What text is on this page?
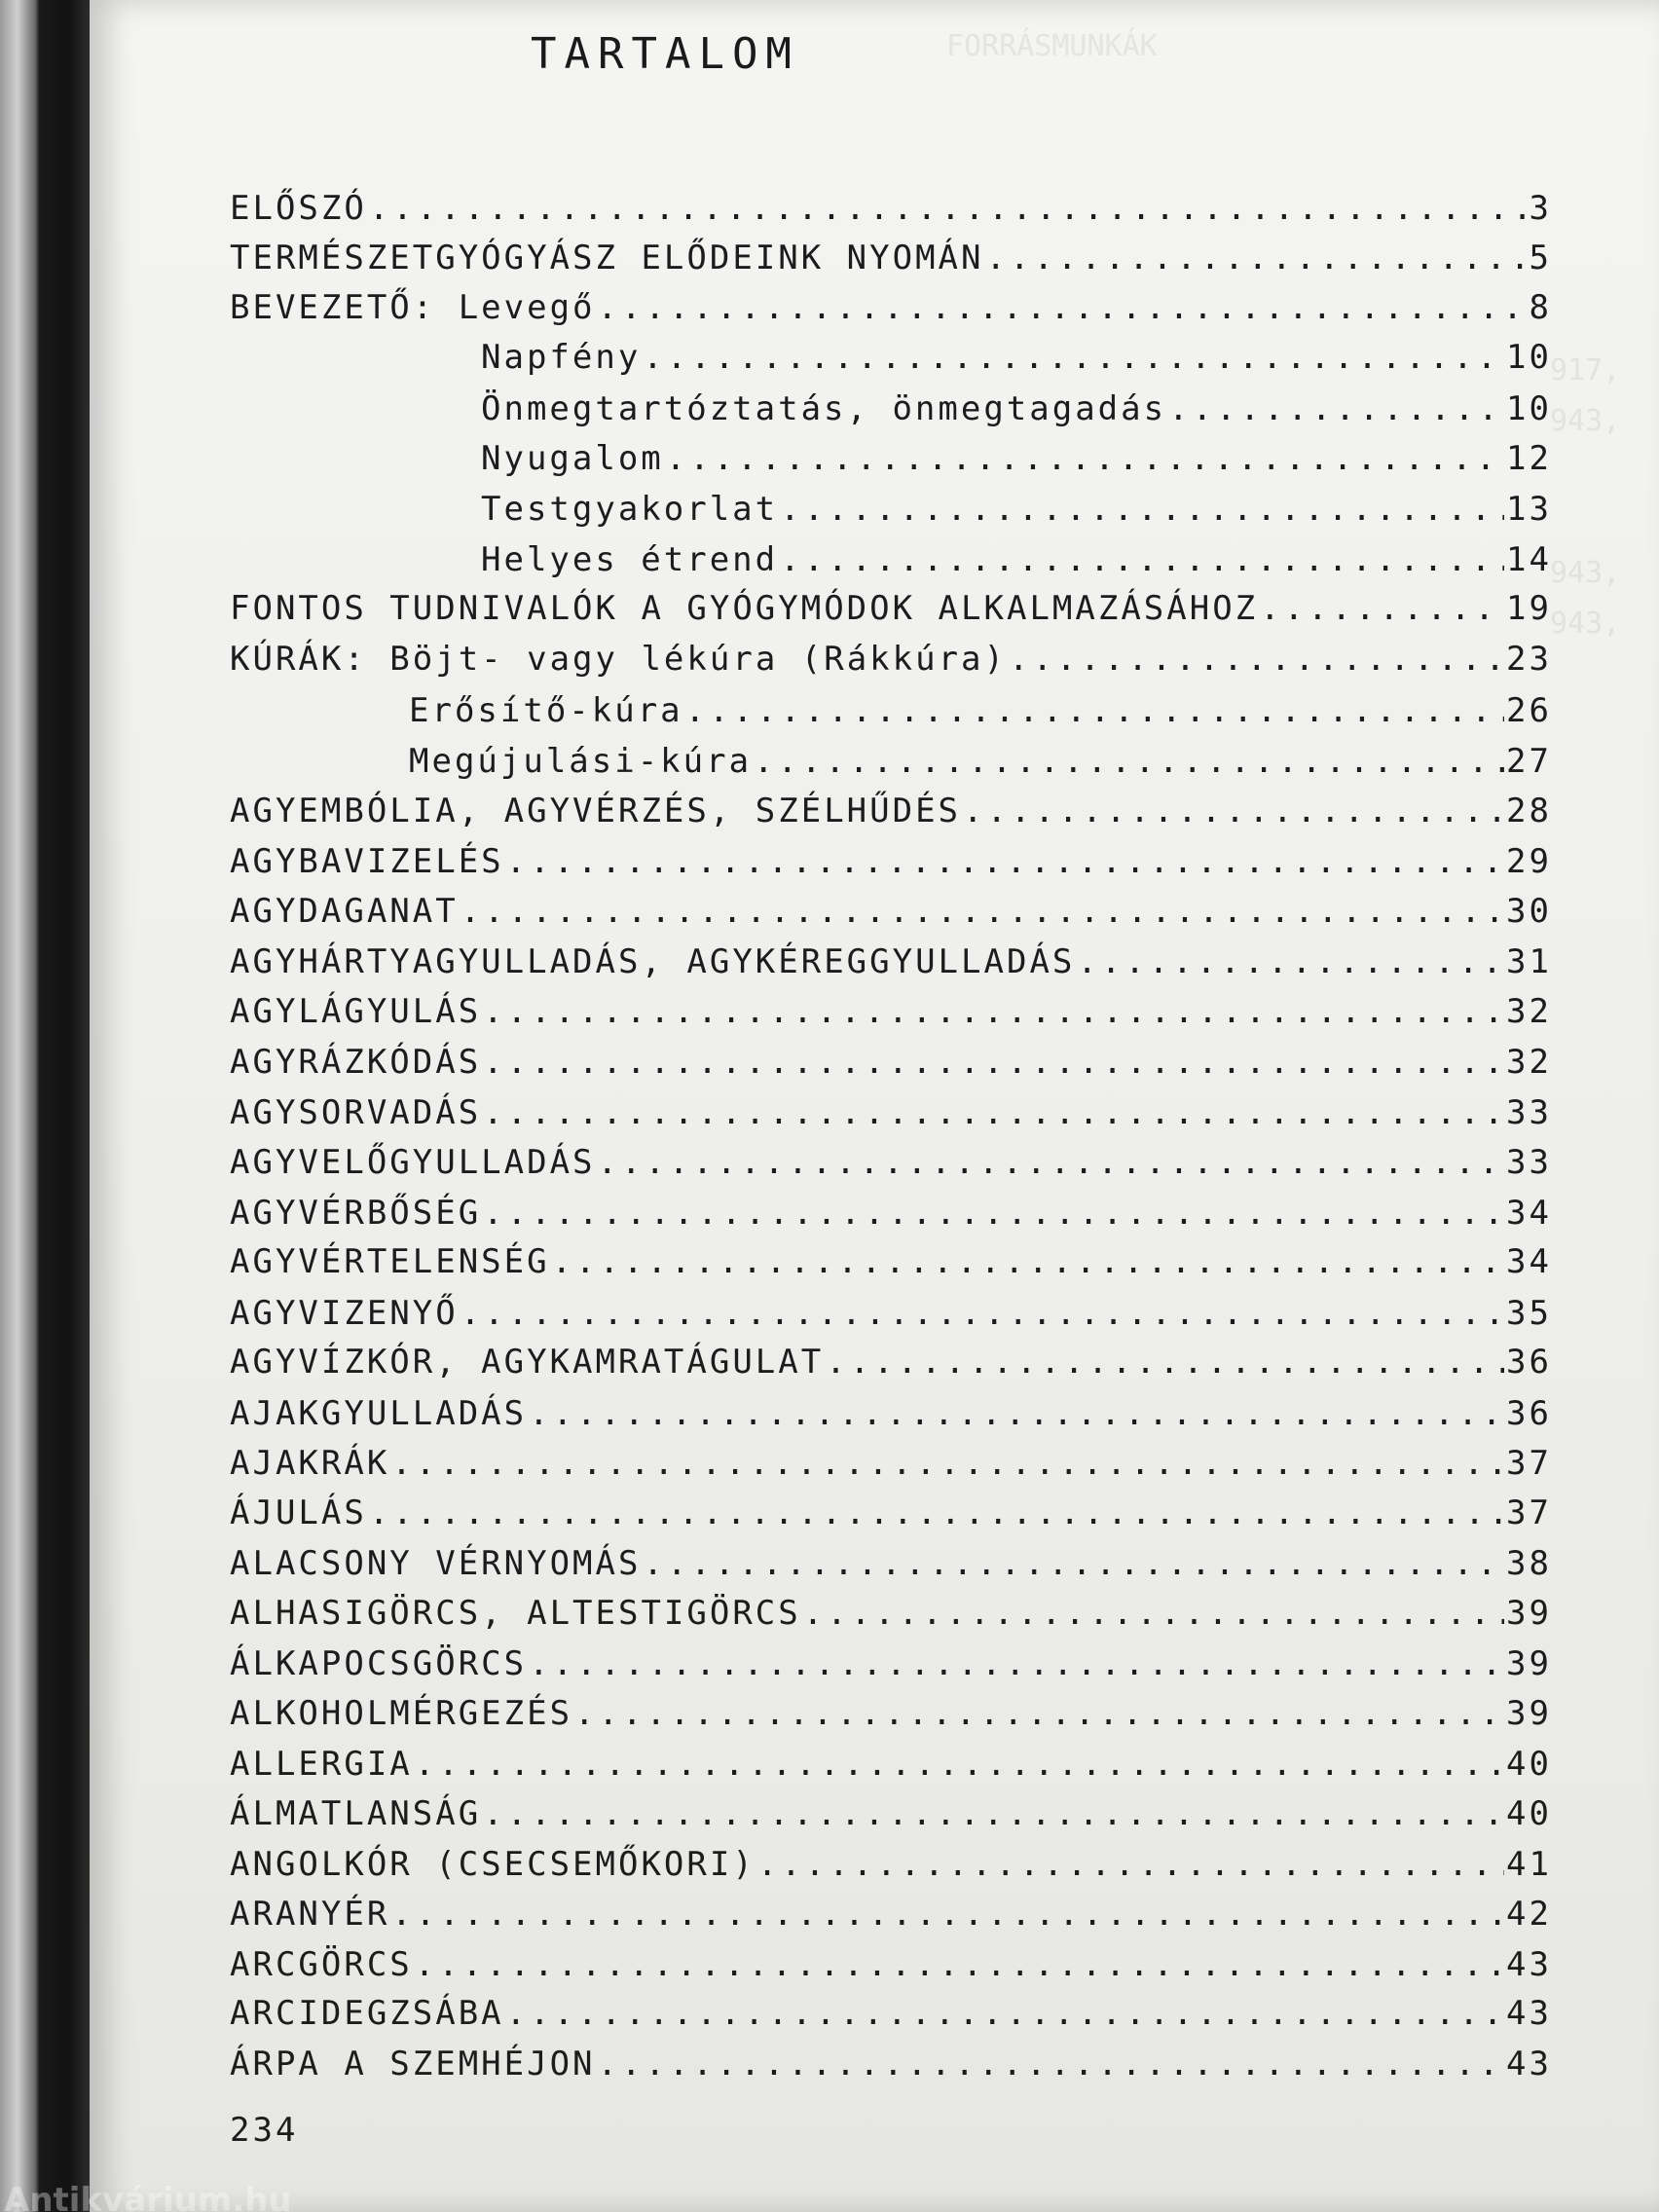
FORRÁSMUNKÁK
917,
943,

943,
943,
TARTALOM
ELŐSZÓ .....	3
TERMÉSZETGYÓGYÁSZ ELŐDEINK NYOMÁN .....	5
BEVEZETŐ: Levegő .....	8
Napfény .....	10
Önmegtartóztatás, önmegtagadás .....	10
Nyugalom .....	12
Testgyakorlat .....	13
Helyes étrend .....	14
FONTOS TUDNIVALÓK A GYÓGYMÓDOK ALKALMAZÁSÁHOZ .....	19
KÚRÁK: Böjt- vagy lékúra (Rákkúra) .....	23
Erősítő-kúra .....	26
Megújulási-kúra .....	27
AGYEMBÓLIA, AGYVÉRZÉS, SZÉLHŰDÉS .....	28
AGYBAVIZELÉS .....	29
AGYDAGANAT .....	30
AGYHÁRTYAGYULLADÁS, AGYKÉREGGYULLADÁS .....	31
AGYLÁGYULÁS .....	32
AGYRÁZKÓDÁS .....	32
AGYSORVADÁS .....	33
AGYVELŐGYULLADÁS .....	33
AGYVÉRBŐSÉG .....	34
AGYVÉRTELENSÉG .....	34
AGYVIZENYŐ .....	35
AGYVÍZKÓR, AGYKAMRATÁGULAT .....	36
AJAKGYULLADÁS .....	36
AJAKRÁK .....	37
ÁJULÁS .....	37
ALACSONY VÉRNYOMÁS .....	38
ALHASIGÖRCS, ALTESTIGÖRCS .....	39
ÁLKAPOCSGÖRCS .....	39
ALKOHOLMÉRGEZÉS .....	39
ALLERGIA .....	40
ÁLMATLANSÁG .....	40
ANGOLKÓR (CSECSEMŐKORI) .....	41
ARANYÉR .....	42
ARCGÖRCS .....	43
ARCIDEGZSÁBA .....	43
ÁRPA A SZEMHÉJON .....	43
234
Antikvárium.hu
